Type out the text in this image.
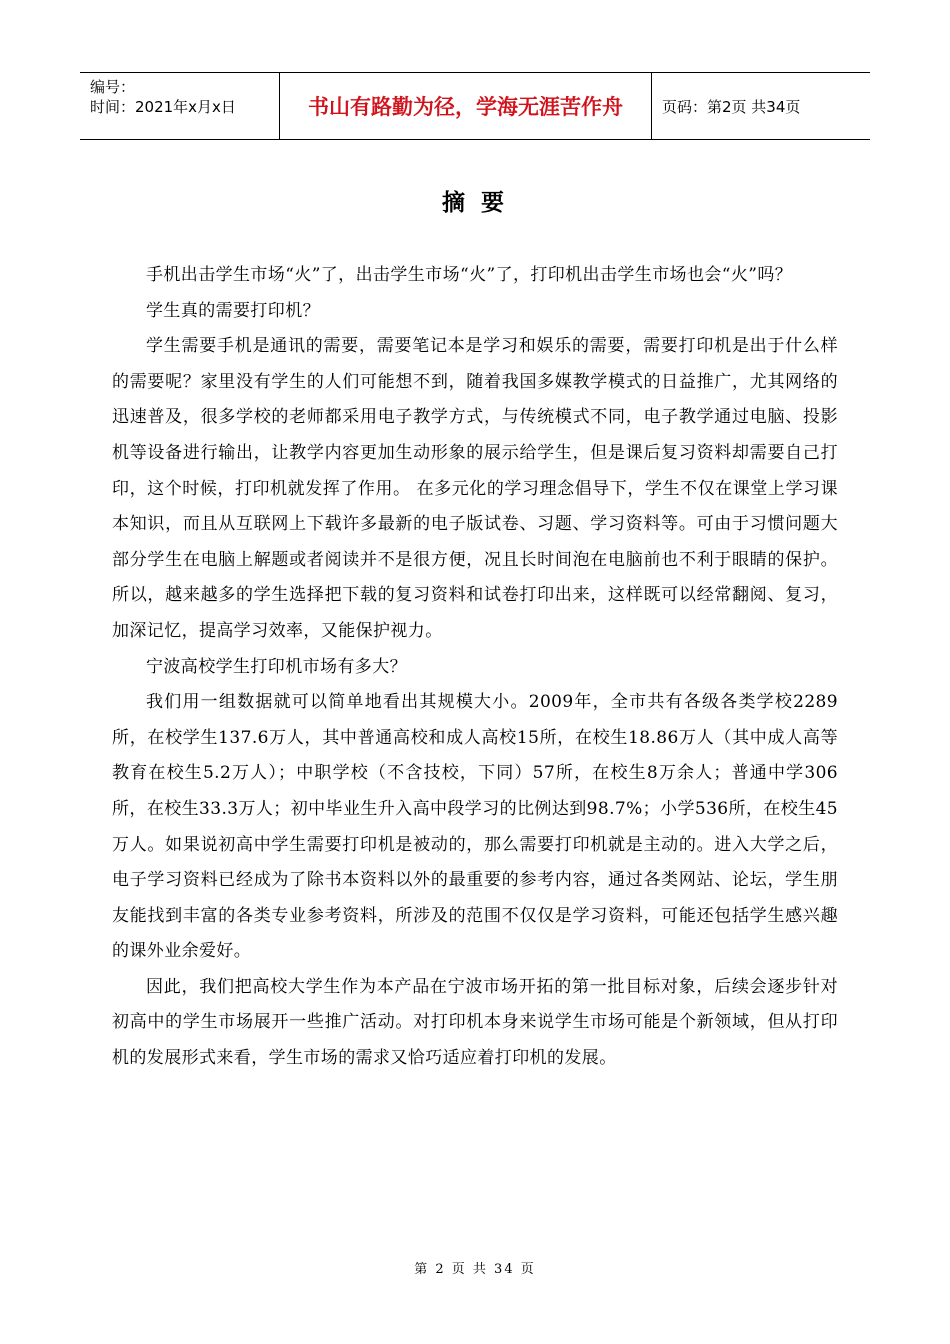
编号：
时间：2021年x月x日	书山有路勤为径，学海无涯苦作舟	页码：第2页 共34页
摘 要

手机出击学生市场“火”了，出击学生市场“火”了，打印机出击学生市场也会“火”吗？

学生真的需要打印机？

学生需要手机是通讯的需要，需要笔记本是学习和娱乐的需要，需要打印机是出于什么样的需要呢？家里没有学生的人们可能想不到，随着我国多媒教学模式的日益推广，尤其网络的迅速普及，很多学校的老师都采用电子教学方式，与传统模式不同，电子教学通过电脑、投影机等设备进行输出，让教学内容更加生动形象的展示给学生，但是课后复习资料却需要自己打印，这个时候，打印机就发挥了作用。 在多元化的学习理念倡导下，学生不仅在课堂上学习课本知识，而且从互联网上下载许多最新的电子版试卷、习题、学习资料等。可由于习惯问题大部分学生在电脑上解题或者阅读并不是很方便，况且长时间泡在电脑前也不利于眼睛的保护。所以，越来越多的学生选择把下载的复习资料和试卷打印出来，这样既可以经常翻阅、复习，加深记忆，提高学习效率，又能保护视力。

宁波高校学生打印机市场有多大？

我们用一组数据就可以简单地看出其规模大小。2009年，全市共有各级各类学校2289所，在校学生137.6万人，其中普通高校和成人高校15所，在校生18.86万人（其中成人高等教育在校生5.2万人）；中职学校（不含技校，下同）57所，在校生8万余人；普通中学306所，在校生33.3万人；初中毕业生升入高中段学习的比例达到98.7%；小学536所，在校生45万人。如果说初高中学生需要打印机是被动的，那么需要打印机就是主动的。进入大学之后，电子学习资料已经成为了除书本资料以外的最重要的参考内容，通过各类网站、论坛，学生朋友能找到丰富的各类专业参考资料，所涉及的范围不仅仅是学习资料，可能还包括学生感兴趣的课外业余爱好。

因此，我们把高校大学生作为本产品在宁波市场开拓的第一批目标对象，后续会逐步针对初高中的学生市场展开一些推广活动。对打印机本身来说学生市场可能是个新领域，但从打印机的发展形式来看，学生市场的需求又恰巧适应着打印机的发展。

第 2 页 共 34 页
